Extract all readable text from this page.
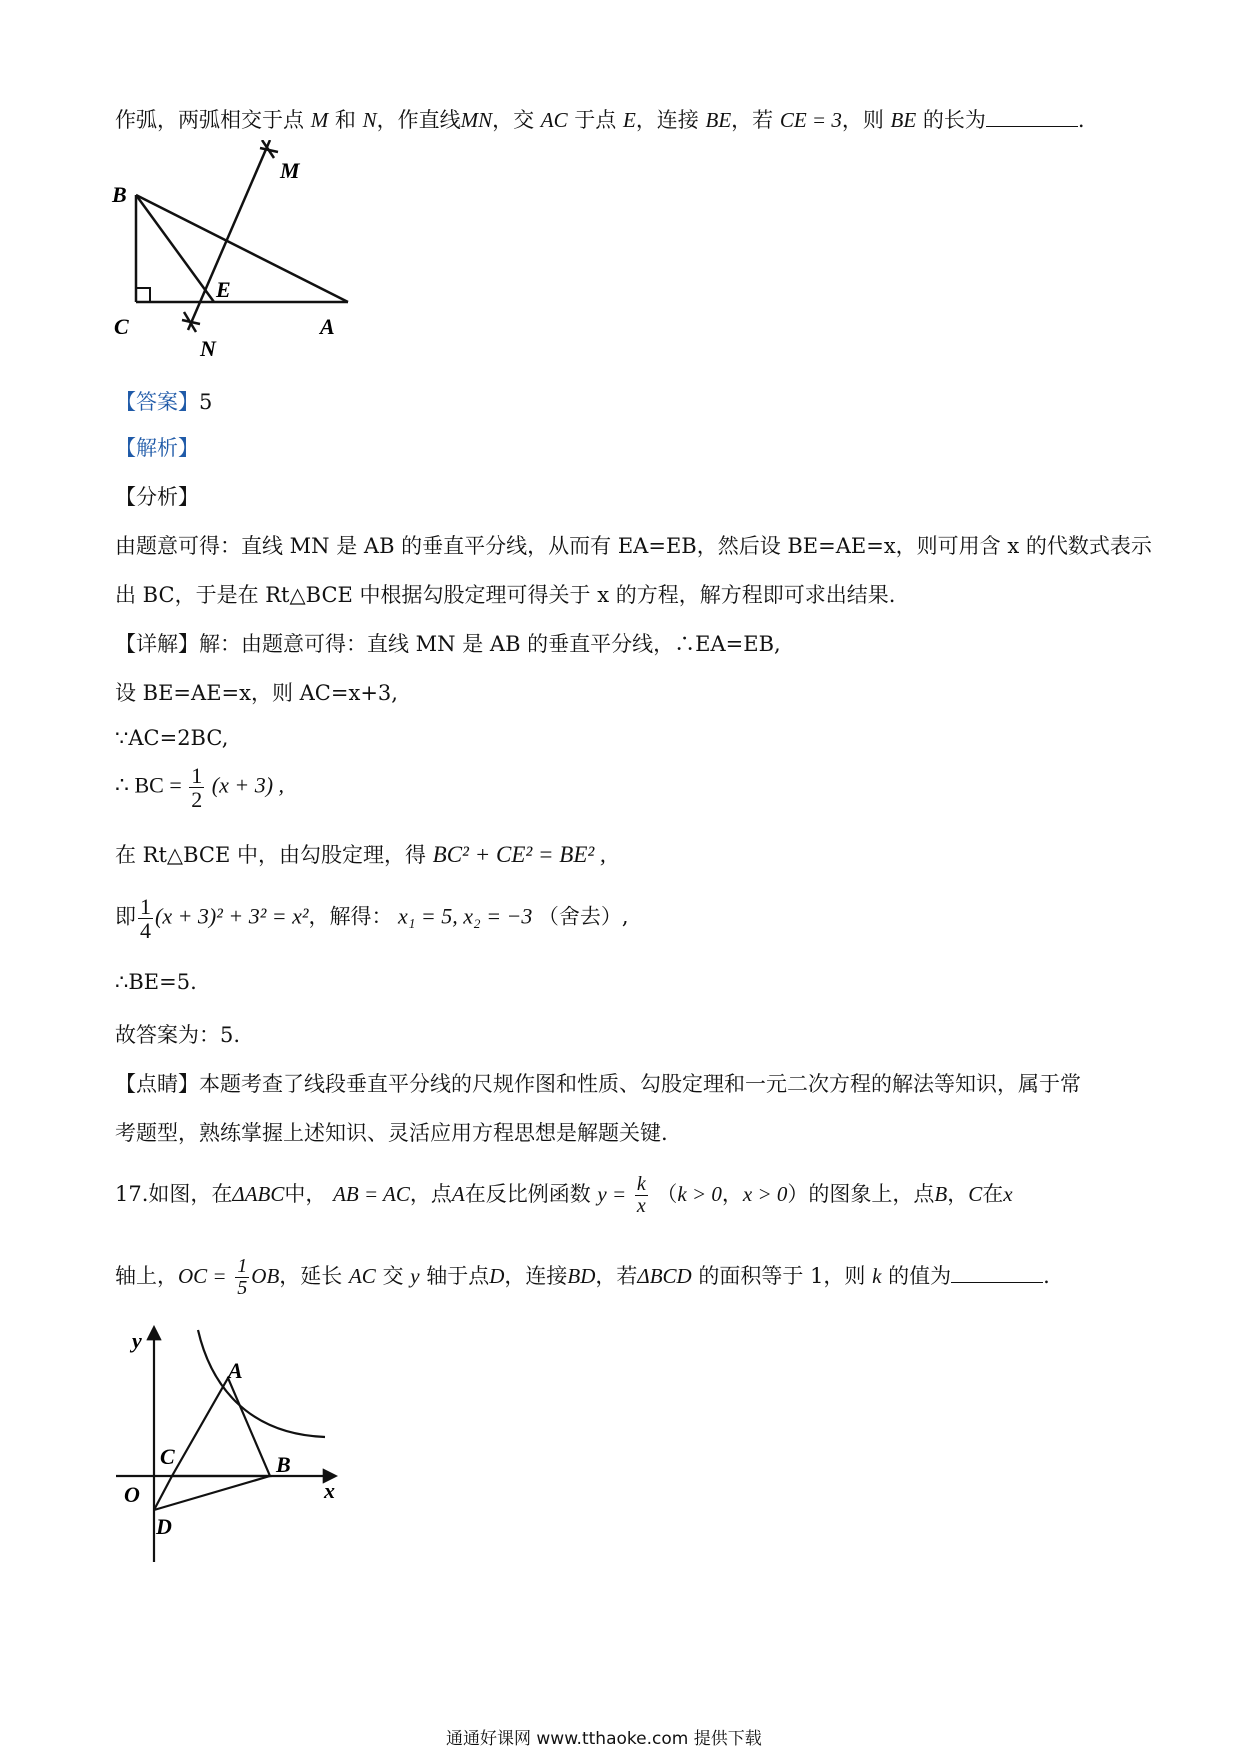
作弧，两弧相交于点 M 和 N，作直线MN，交 AC 于点 E，连接 BE，若 CE = 3，则 BE 的长为	.
B
C
E
A
M
N
【答案】5
【解析】
【分析】
由题意可得：直线 MN 是 AB 的垂直平分线，从而有 EA=EB，然后设 BE=AE=x，则可用含 x 的代数式表示
出 BC，于是在 Rt△BCE 中根据勾股定理可得关于 x 的方程，解方程即可求出结果.
【详解】解：由题意可得：直线 MN 是 AB 的垂直平分线，∴EA=EB,
设 BE=AE=x，则 AC=x+3,
∵AC=2BC,
∴ BC = $\frac{1}{2} (x + 3)$ ,
在 Rt△BCE 中，由勾股定理，得 BC² + CE² = BE² ,
即 $\frac{1}{4} (x + 3)^2 + 3^2 = x^2$，解得： x₁ = 5, x₂ = −3 （舍去）,
∴BE=5.
故答案为：5.
【点睛】本题考查了线段垂直平分线的尺规作图和性质、勾股定理和一元二次方程的解法等知识，属于常
考题型，熟练掌握上述知识、灵活应用方程思想是解题关键.
17.如图，在ΔABC中， AB = AC，点A在反比例函数 $y = \frac{k}{x} (k > 0$，x > 0）的图象上，点B，C在x
轴上，OC = $\frac{1}{5}$ OB，延长 AC 交 y 轴于点D，连接BD，若ΔBCD 的面积等于 1，则 k 的值为	.
y
x
A
B
C
O
D
通通好课网 www.tthaoke.com 提供下载
